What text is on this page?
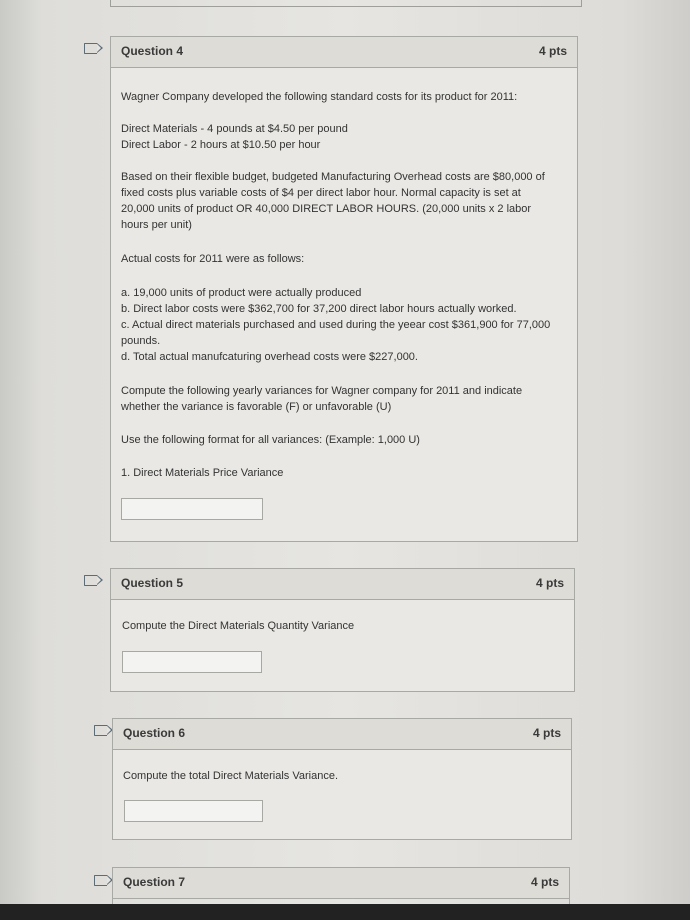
Question 4	4 pts
Wagner Company developed the following standard costs for its product for 2011:
Direct Materials - 4 pounds at $4.50 per pound
Direct Labor - 2 hours at $10.50 per hour
Based on their flexible budget, budgeted Manufacturing Overhead costs are $80,000 of
fixed costs plus variable costs of $4 per direct labor hour. Normal capacity is set at
20,000 units of product OR 40,000 DIRECT LABOR HOURS. (20,000 units x 2 labor
hours per unit)
Actual costs for 2011 were as follows:
a. 19,000 units of product were actually produced
b. Direct labor costs were $362,700 for 37,200 direct labor hours actually worked.
c. Actual direct materials purchased and used during the yeear cost $361,900 for 77,000
pounds.
d. Total actual manufcaturing overhead costs were $227,000.
Compute the following yearly variances for Wagner company for 2011 and indicate
whether the variance is favorable (F) or unfavorable (U)
Use the following format for all variances: (Example: 1,000 U)
1. Direct Materials Price Variance
Question 5	4 pts
Compute the Direct Materials Quantity Variance
Question 6	4 pts
Compute the total Direct Materials Variance.
Question 7	4 pts
